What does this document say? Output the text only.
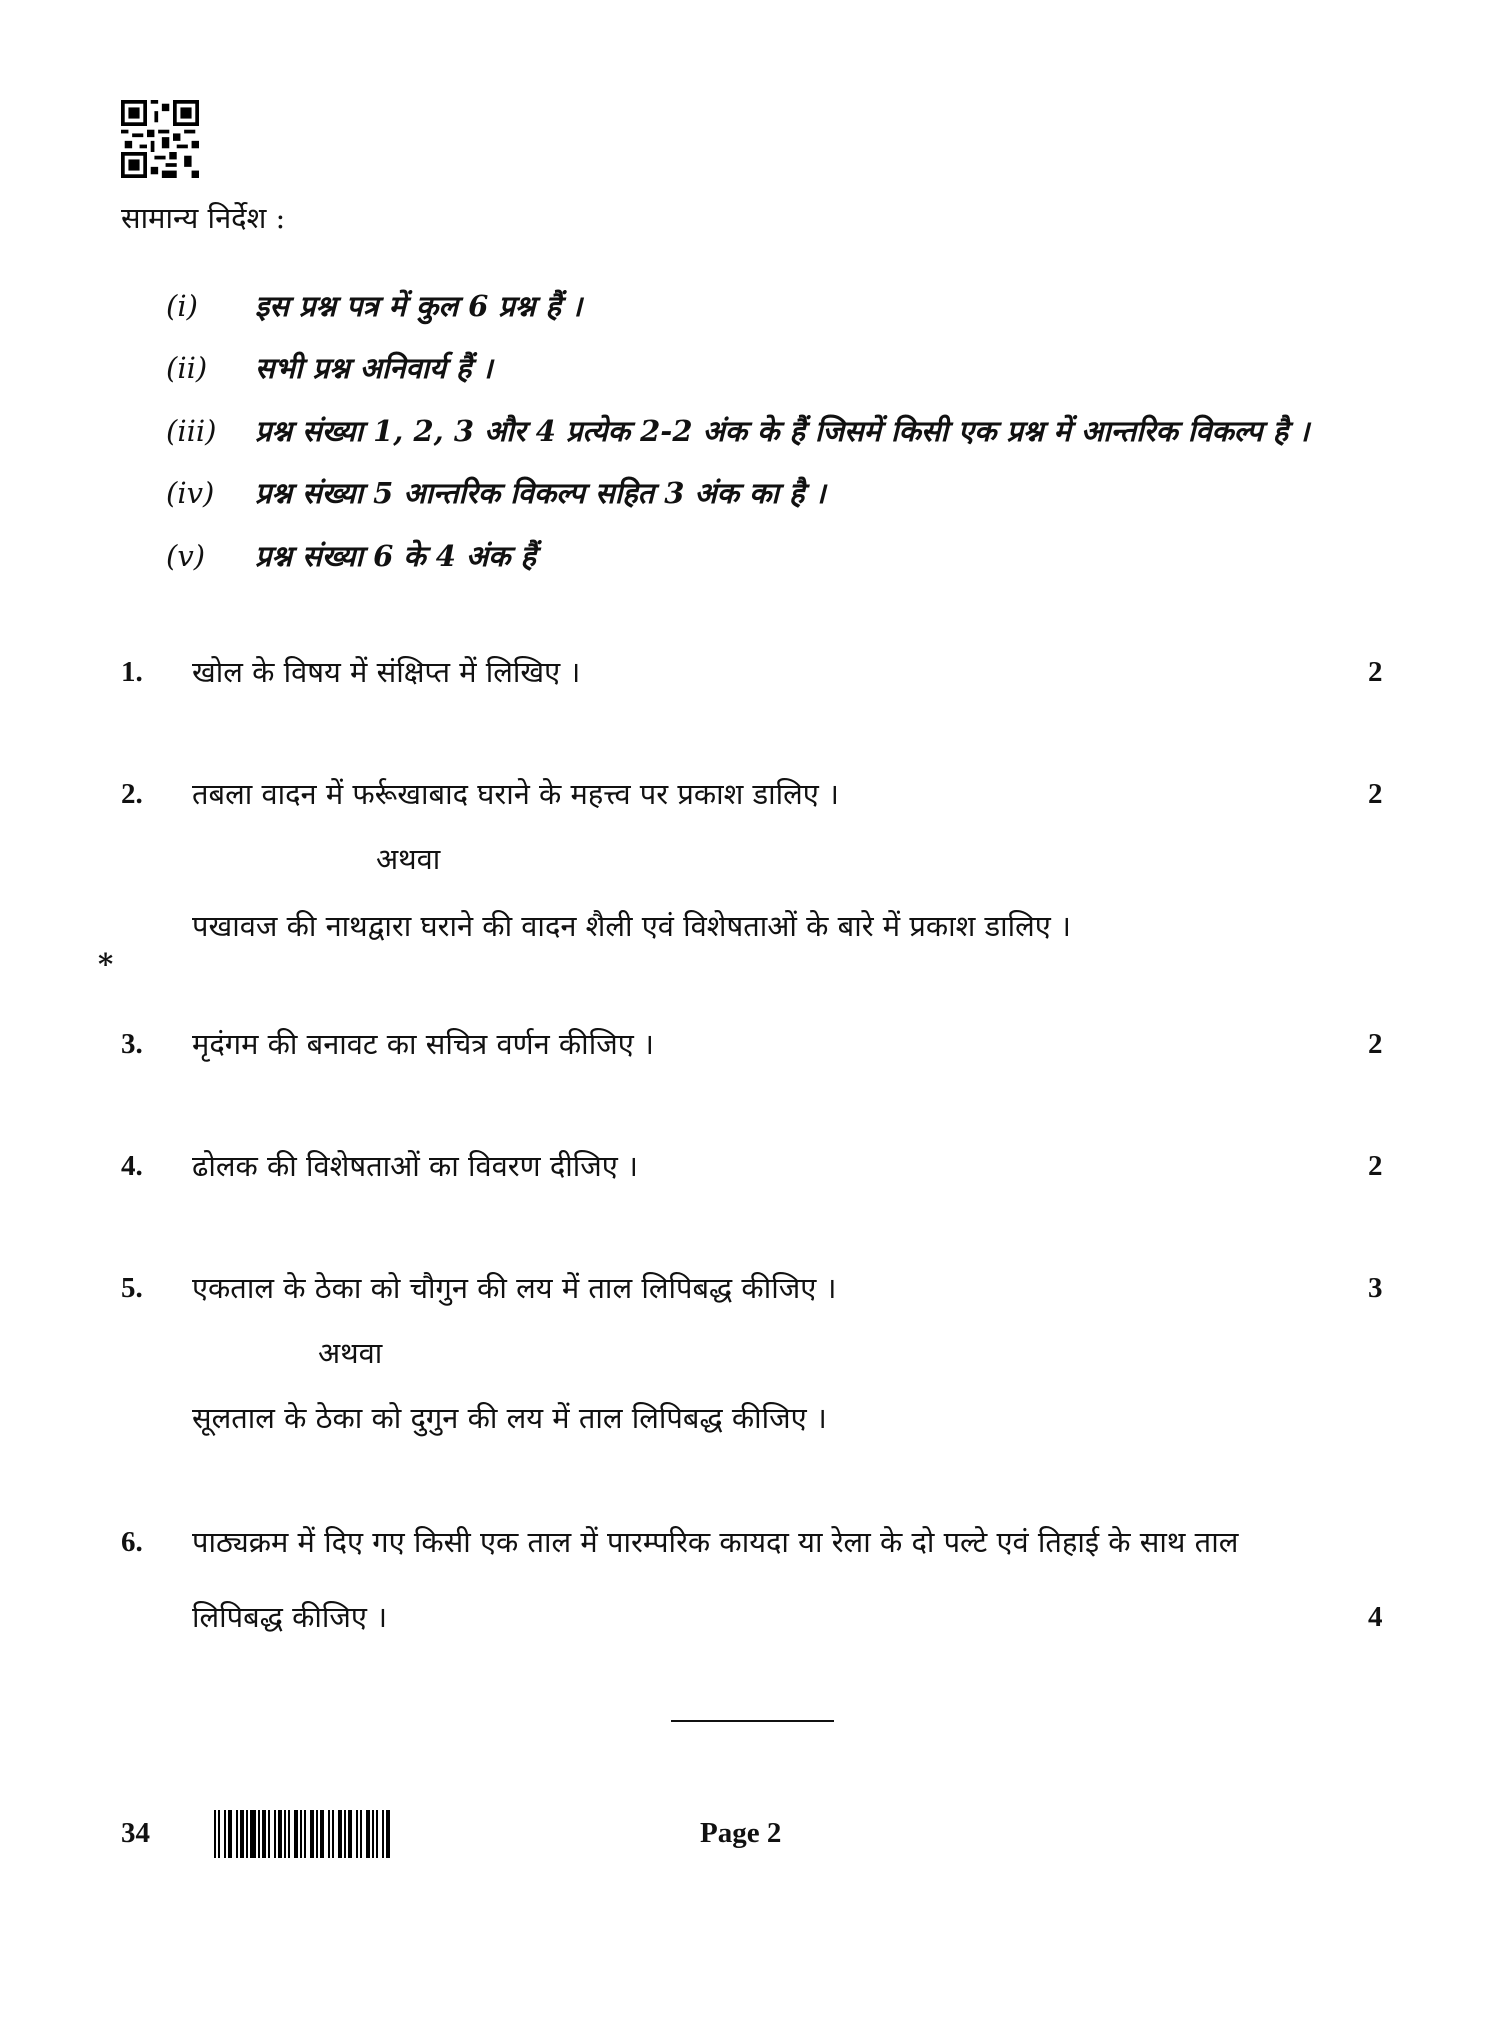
सामान्य निर्देश :
(i) इस प्रश्न पत्र में कुल 6 प्रश्न हैं ।
(ii) सभी प्रश्न अनिवार्य हैं ।
(iii) प्रश्न संख्या 1, 2, 3 और 4 प्रत्येक 2-2 अंक के हैं जिसमें किसी एक प्रश्न में आन्तरिक विकल्प है ।
(iv) प्रश्न संख्या 5 आन्तरिक विकल्प सहित 3 अंक का है ।
(v) प्रश्न संख्या 6 के 4 अंक हैं
1. खोल के विषय में संक्षिप्त में लिखिए ।	2
2. तबला वादन में फर्रूखाबाद घराने के महत्त्व पर प्रकाश डालिए ।	2
अथवा
पखावज की नाथद्वारा घराने की वादन शैली एवं विशेषताओं के बारे में प्रकाश डालिए ।
*
3. मृदंगम की बनावट का सचित्र वर्णन कीजिए ।	2
4. ढोलक की विशेषताओं का विवरण दीजिए ।	2
5. एकताल के ठेका को चौगुन की लय में ताल लिपिबद्ध कीजिए ।	3
अथवा
सूलताल के ठेका को दुगुन की लय में ताल लिपिबद्ध कीजिए ।
6. पाठ्यक्रम में दिए गए किसी एक ताल में पारम्परिक कायदा या रेला के दो पल्टे एवं तिहाई के साथ ताल
लिपिबद्ध कीजिए ।	4
34	Page 2
